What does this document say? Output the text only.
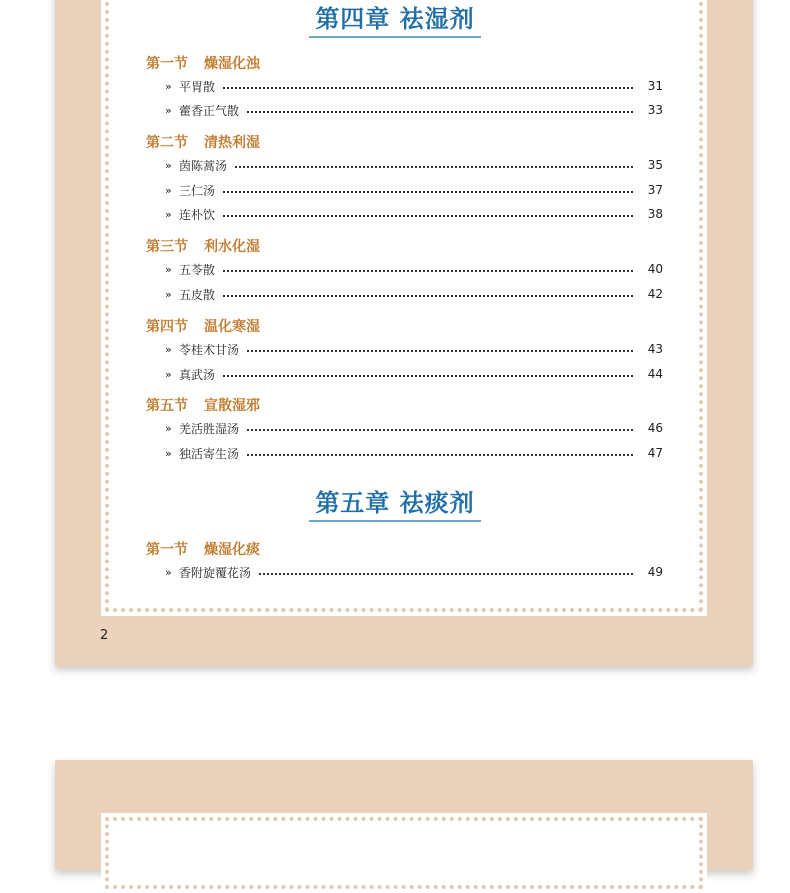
2
第四章 祛湿剂
第一节 燥湿化浊
» 平胃散	31
» 藿香正气散	33
第二节 清热利湿
» 茵陈蒿汤	35
» 三仁汤	37
» 连朴饮	38
第三节 利水化湿
» 五苓散	40
» 五皮散	42
第四节 温化寒湿
» 苓桂术甘汤	43
» 真武汤	44
第五节 宣散湿邪
» 羌活胜湿汤	46
» 独活寄生汤	47
第五章 祛痰剂
第一节 燥湿化痰
» 香附旋覆花汤	49
